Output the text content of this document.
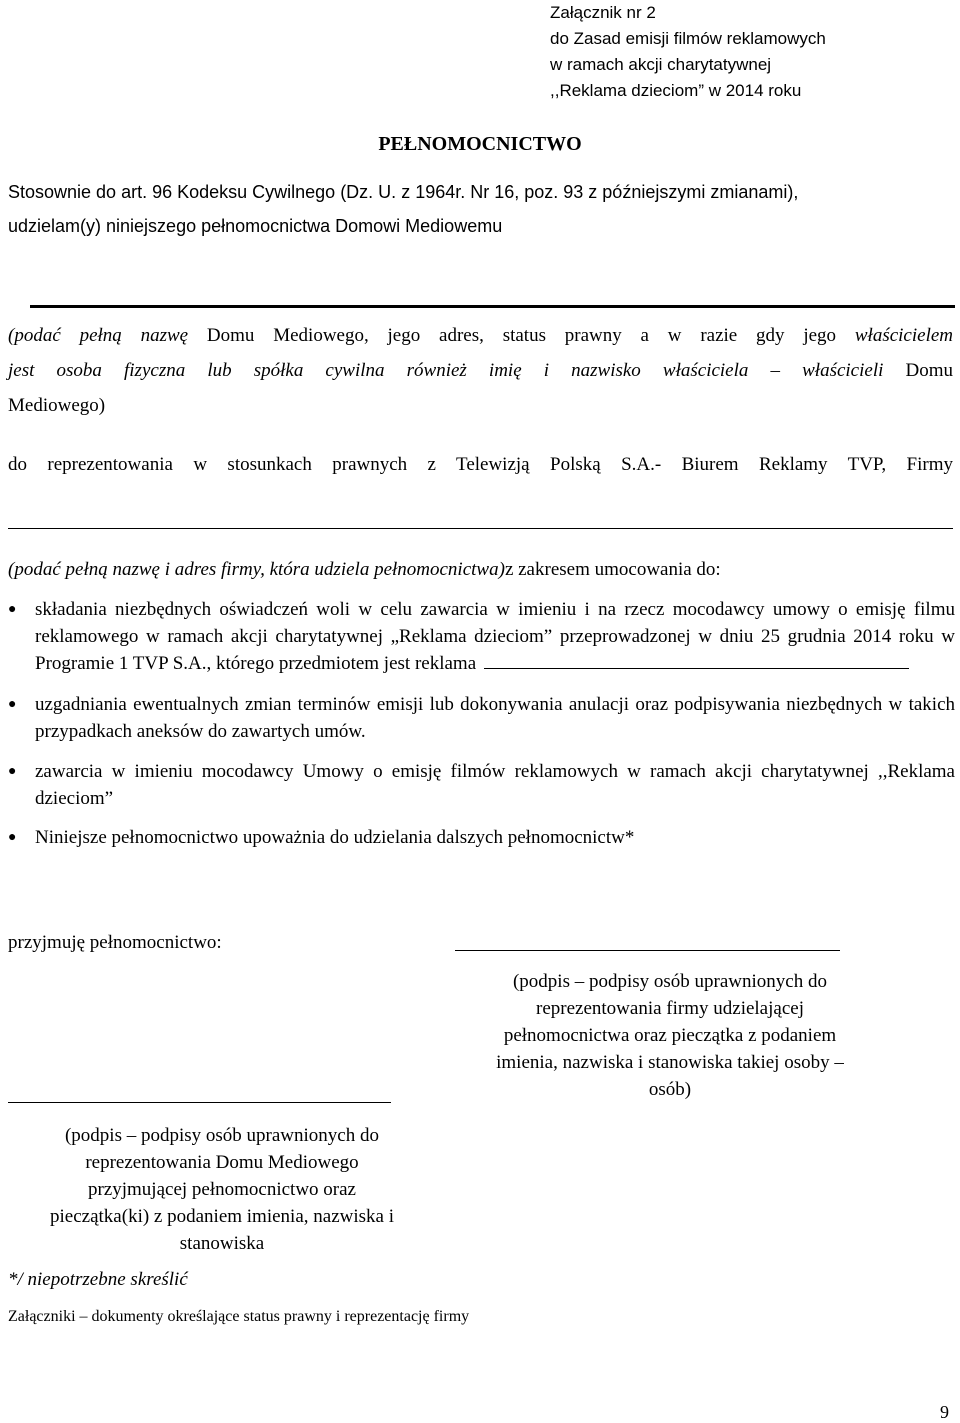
Załącznik nr 2
do Zasad emisji filmów reklamowych
w ramach akcji charytatywnej
,,Reklama dzieciom” w 2014 roku
PEŁNOMOCNICTWO
Stosownie do art. 96 Kodeksu Cywilnego (Dz. U. z 1964r. Nr 16, poz. 93 z późniejszymi zmianami),
udzielam(y) niniejszego pełnomocnictwa Domowi Mediowemu
(podać pełną nazwę Domu Mediowego, jego adres, status prawny a w razie gdy jego właścicielem
jest osoba fizyczna lub spółka cywilna również imię i nazwisko właściciela – właścicieli Domu
Mediowego)
do reprezentowania w stosunkach prawnych z Telewizją Polską S.A.- Biurem Reklamy TVP, Firmy
(podać pełną nazwę i adres firmy, która udziela pełnomocnictwa)z zakresem umocowania do:
● składania niezbędnych oświadczeń woli w celu zawarcia w imieniu i na rzecz mocodawcy umowy o emisję filmu reklamowego w ramach akcji charytatywnej „Reklama dzieciom” przeprowadzonej w dniu 25 grudnia 2014 roku w Programie 1 TVP S.A., którego przedmiotem jest reklama
● uzgadniania ewentualnych zmian terminów emisji lub dokonywania anulacji oraz podpisywania niezbędnych w takich przypadkach aneksów do zawartych umów.
● zawarcia w imieniu mocodawcy Umowy o emisję filmów reklamowych w ramach akcji charytatywnej ,,Reklama dzieciom”
● Niniejsze pełnomocnictwo upoważnia do udzielania dalszych pełnomocnictw*
przyjmuję pełnomocnictwo:
(podpis – podpisy osób uprawnionych do
reprezentowania firmy udzielającej
pełnomocnictwa oraz pieczątka z podaniem
imienia, nazwiska i stanowiska takiej osoby –
osób)
(podpis – podpisy osób uprawnionych do
reprezentowania Domu Mediowego
przyjmującej pełnomocnictwo oraz
pieczątka(ki) z podaniem imienia, nazwiska i
stanowiska
*/ niepotrzebne skreślić
Załączniki – dokumenty określające status prawny i reprezentację firmy
9
